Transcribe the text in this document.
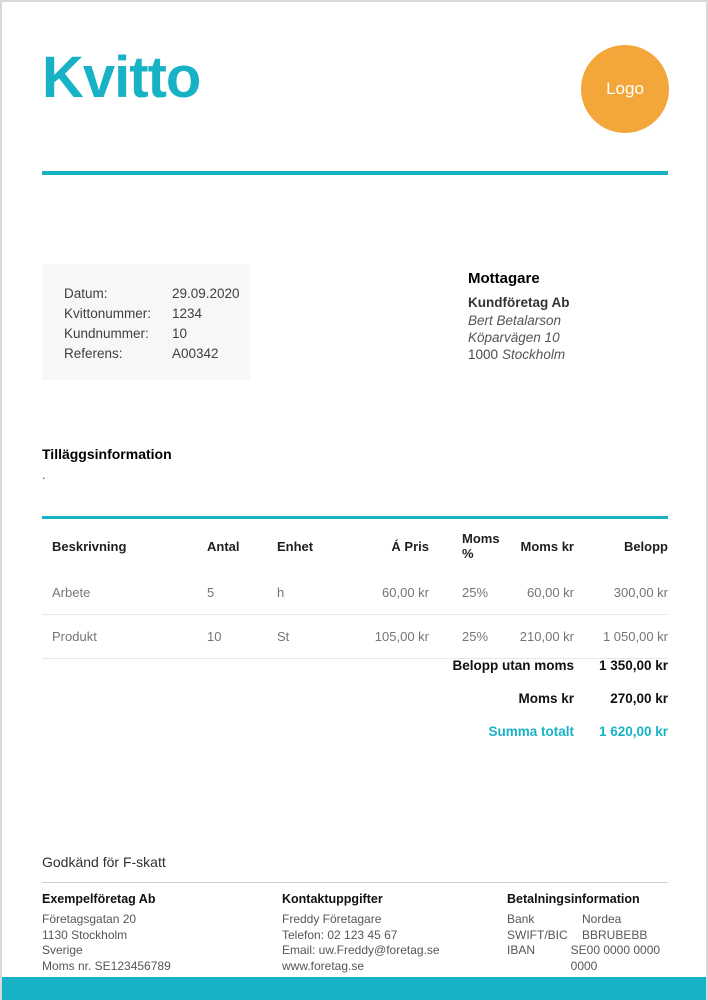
Kvitto	Logo
Datum:	29.09.2020
Kvittonummer:	1234
Kundnummer:	10
Referens:	A00342
Mottagare
Kundföretag Ab
Bert Betalarson
Köparvägen 10
1000 Stockholm
Tilläggsinformation
.
Beskrivning	Antal	Enhet	Á Pris	Moms %	Moms kr	Belopp
Arbete	5	h	60,00 kr	25%	60,00 kr	300,00 kr
Produkt	10	St	105,00 kr	25%	210,00 kr	1 050,00 kr
Belopp utan moms	1 350,00 kr
Moms kr	270,00 kr
Summa totalt	1 620,00 kr
Godkänd för F-skatt
Exempelföretag Ab
Företagsgatan 20
1130 Stockholm
Sverige
Moms nr. SE123456789
Kontaktuppgifter
Freddy Företagare
Telefon: 02 123 45 67
Email: uw.Freddy@foretag.se
www.foretag.se
Betalningsinformation
Bank	Nordea
SWIFT/BIC	BBRUBEBB
IBAN	SE00 0000 0000 0000
